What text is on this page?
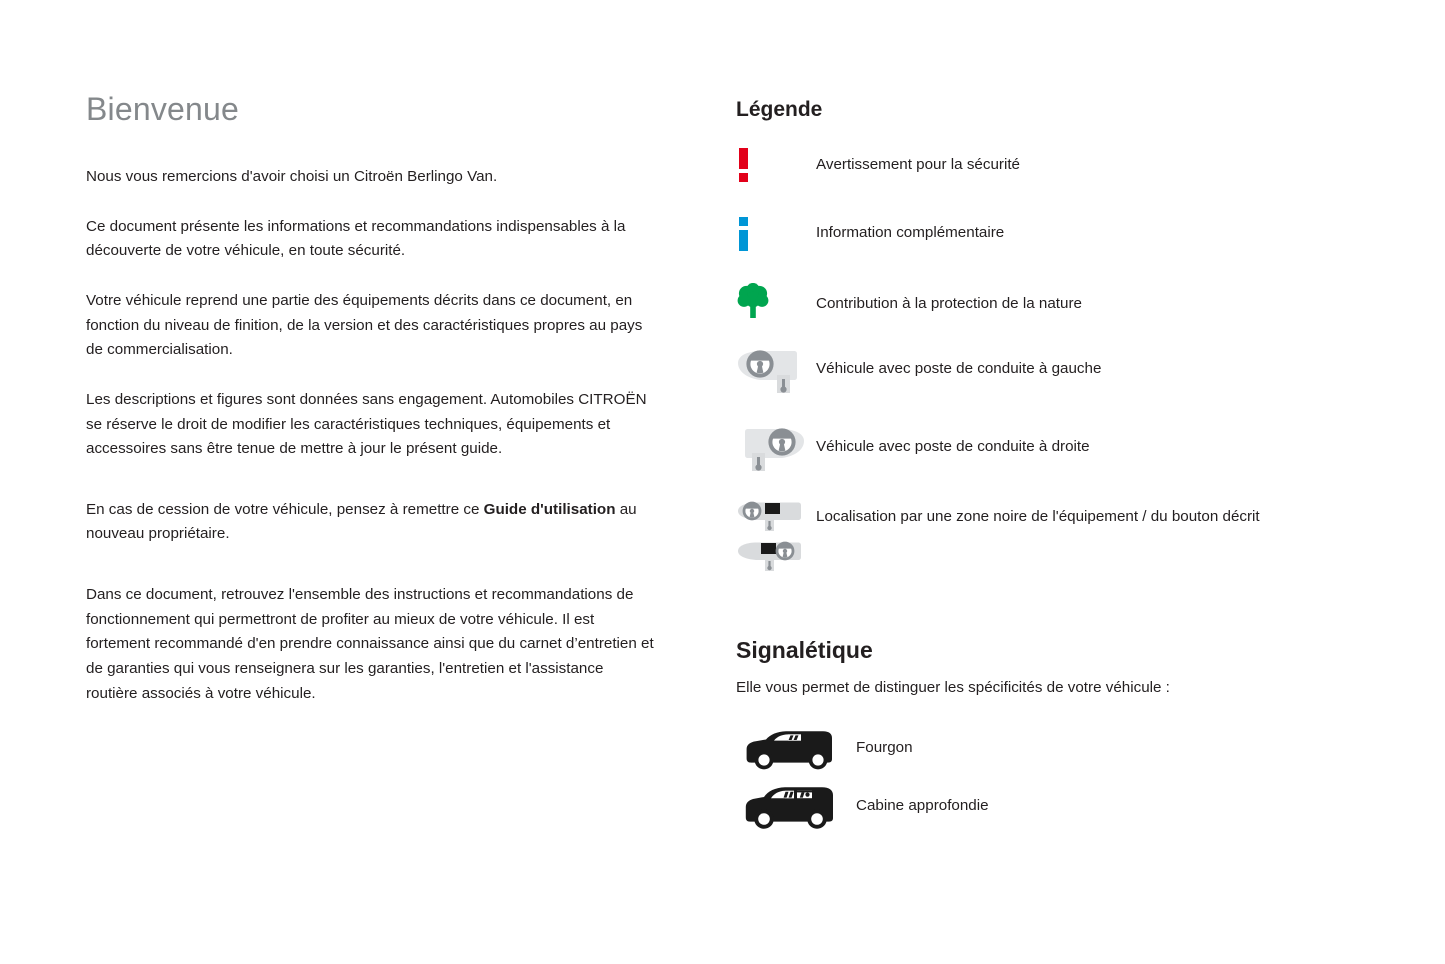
Bienvenue

Nous vous remercions d'avoir choisi un Citroën Berlingo Van.

Ce document présente les informations et recommandations indispensables à la découverte de votre véhicule, en toute sécurité.

Votre véhicule reprend une partie des équipements décrits dans ce document, en fonction du niveau de finition, de la version et des caractéristiques propres au pays de commercialisation.

Les descriptions et figures sont données sans engagement. Automobiles CITROËN se réserve le droit de modifier les caractéristiques techniques, équipements et accessoires sans être tenue de mettre à jour le présent guide.

En cas de cession de votre véhicule, pensez à remettre ce Guide d'utilisation au nouveau propriétaire.

Dans ce document, retrouvez l'ensemble des instructions et recommandations de fonctionnement qui permettront de profiter au mieux de votre véhicule. Il est fortement recommandé d'en prendre connaissance ainsi que du carnet d’entretien et de garanties qui vous renseignera sur les garanties, l'entretien et l'assistance routière associés à votre véhicule.

Légende
Avertissement pour la sécurité
Information complémentaire
Contribution à la protection de la nature
Véhicule avec poste de conduite à gauche
Véhicule avec poste de conduite à droite
Localisation par une zone noire de l'équipement / du bouton décrit
Signalétique

Elle vous permet de distinguer les spécificités de votre véhicule :

Fourgon
Cabine approfondie
